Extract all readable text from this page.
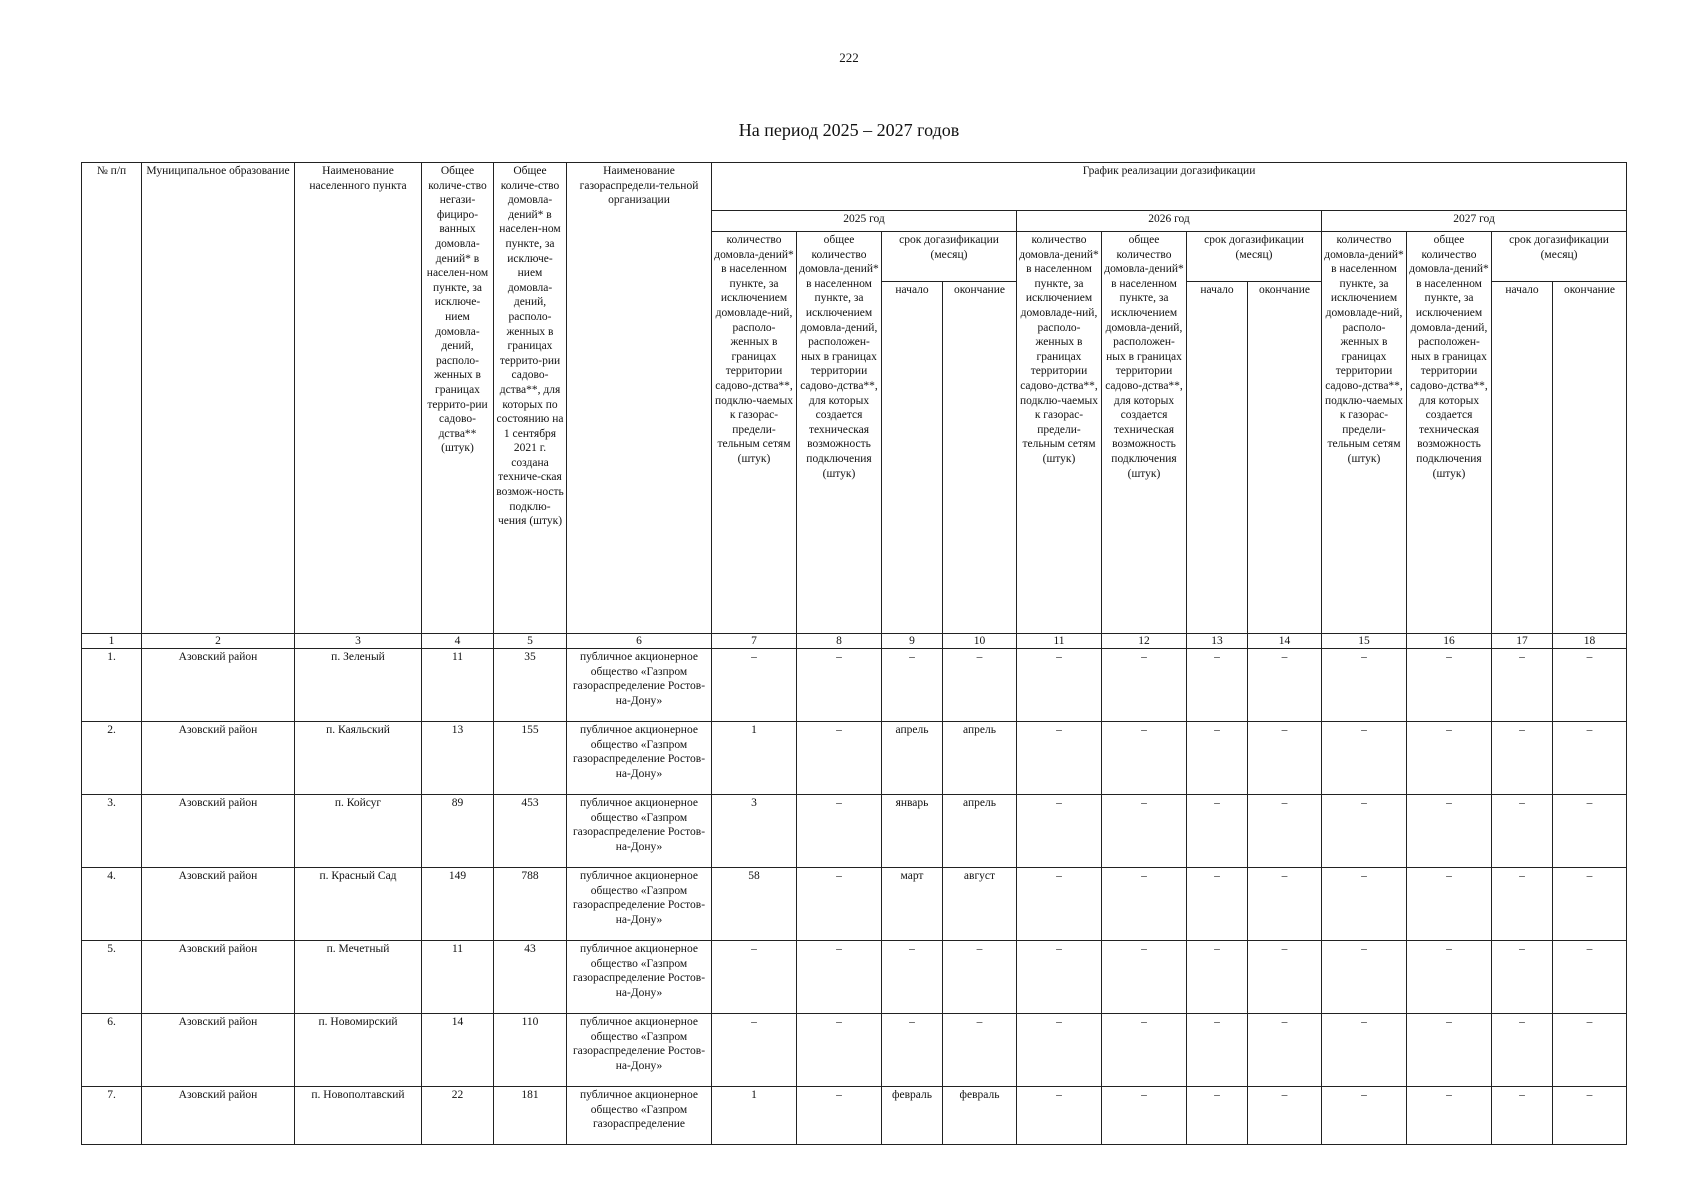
222
На период 2025 – 2027 годов
№ п/п	Муниципальное образование	Наименование населенного пункта	Общее количе-ство негази-фициро-ванных домовла-дений* в населен-ном пункте, за исключе-нием домовла-дений, располо-женных в границах террито-рии садово-дства** (штук)	Общее количе-ство домовла-дений* в населен-ном пункте, за исключе-нием домовла-дений, располо-женных в границах террито-рии садово-дства**, для которых по состоянию на 1 сентября 2021 г. создана техниче-ская возмож-ность подклю-чения (штук)	Наименование газораспредели-тельной организации	График реализации догазификации											
						2025 год				2026 год				2027 год			
						количество домовла-дений* в населенном пункте, за исключением домовладе-ний, располо-женных в границах территории садово-дства**, подклю-чаемых к газорас-предели-тельным сетям (штук)	общее количество домовла-дений* в населенном пункте, за исключением домовла-дений, расположен-ных в границах территории садово-дства**, для которых создается техническая возможность подключения (штук)	срок догазификации (месяц)		количество домовла-дений* в населенном пункте, за исключением домовладе-ний, располо-женных в границах территории садово-дства**, подклю-чаемых к газорас-предели-тельным сетям (штук)	общее количество домовла-дений* в населенном пункте, за исключением домовла-дений, расположен-ных в границах территории садово-дства**, для которых создается техническая возможность подключения (штук)	срок догазификации (месяц)		количество домовла-дений* в населенном пункте, за исключением домовладе-ний, располо-женных в границах территории садово-дства**, подклю-чаемых к газорас-предели-тельным сетям (штук)	общее количество домовла-дений* в населенном пункте, за исключением домовла-дений, расположен-ных в границах территории садово-дства**, для которых создается техническая возможность подключения (штук)	срок догазификации (месяц)	
								начало	окончание			начало	окончание			начало	окончание
1	2	3	4	5	6	7	8	9	10	11	12	13	14	15	16	17	18
1.	Азовский район	п. Зеленый	11	35	публичное акционерное общество «Газпром газораспределение Ростов-на-Дону»	–	–	–	–	–	–	–	–	–	–	–	–
2.	Азовский район	п. Каяльский	13	155	публичное акционерное общество «Газпром газораспределение Ростов-на-Дону»	1	–	апрель	апрель	–	–	–	–	–	–	–	–
3.	Азовский район	п. Койсуг	89	453	публичное акционерное общество «Газпром газораспределение Ростов-на-Дону»	3	–	январь	апрель	–	–	–	–	–	–	–	–
4.	Азовский район	п. Красный Сад	149	788	публичное акционерное общество «Газпром газораспределение Ростов-на-Дону»	58	–	март	август	–	–	–	–	–	–	–	–
5.	Азовский район	п. Мечетный	11	43	публичное акционерное общество «Газпром газораспределение Ростов-на-Дону»	–	–	–	–	–	–	–	–	–	–	–	–
6.	Азовский район	п. Новомирский	14	110	публичное акционерное общество «Газпром газораспределение Ростов-на-Дону»	–	–	–	–	–	–	–	–	–	–	–	–
7.	Азовский район	п. Новополтавский	22	181	публичное акционерное общество «Газпром газораспределение	1	–	февраль	февраль	–	–	–	–	–	–	–	–
